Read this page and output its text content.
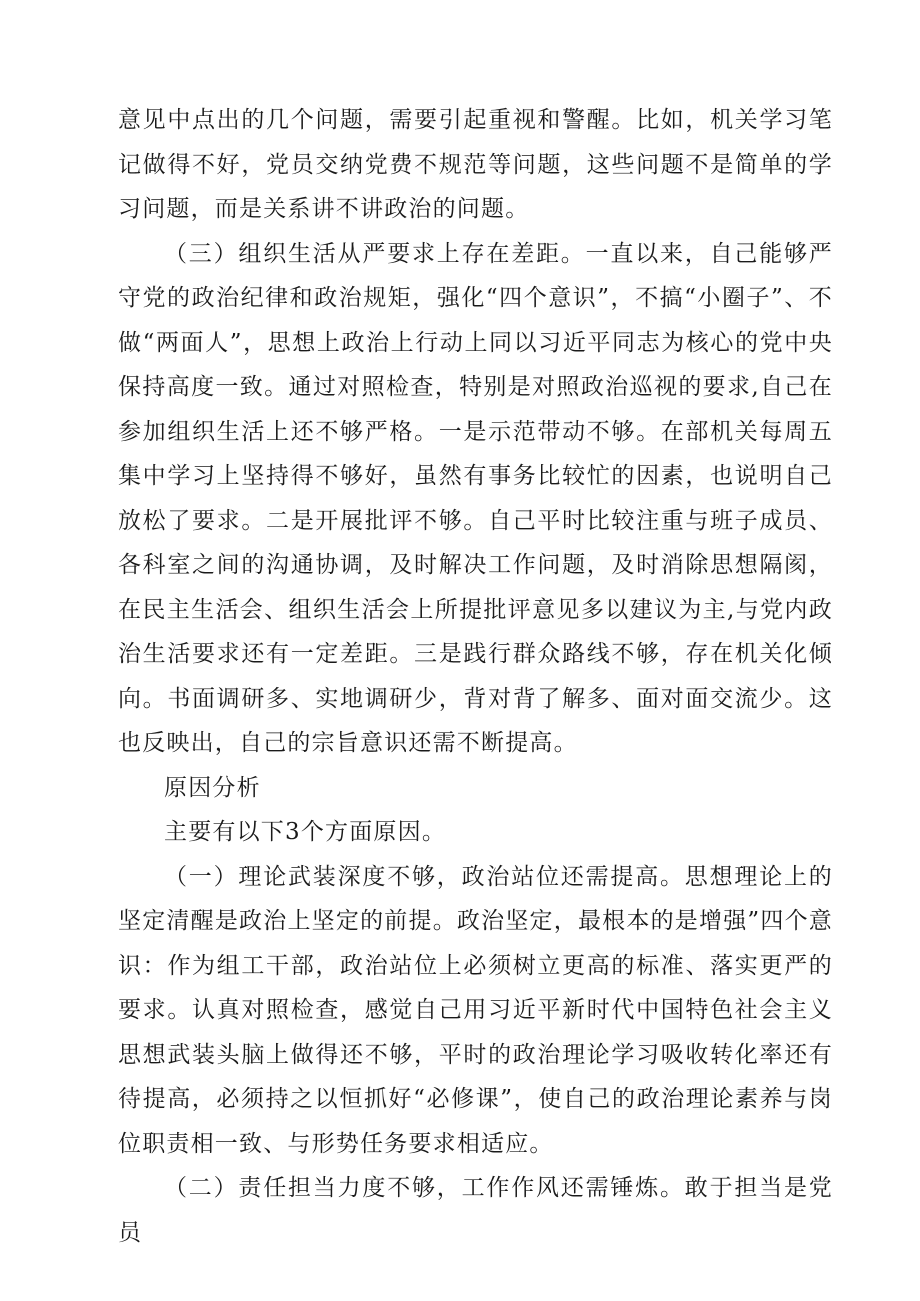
意见中点出的几个问题，需要引起重视和警醒。比如，机关学习笔记做得不好，党员交纳党费不规范等问题，这些问题不是简单的学习问题，而是关系讲不讲政治的问题。

（三）组织生活从严要求上存在差距。一直以来，自己能够严守党的政治纪律和政治规矩，强化“四个意识”，不搞“小圈子”、不做“两面人”，思想上政治上行动上同以习近平同志为核心的党中央保持高度一致。通过对照检查，特别是对照政治巡视的要求,自己在参加组织生活上还不够严格。一是示范带动不够。在部机关每周五集中学习上坚持得不够好，虽然有事务比较忙的因素，也说明自己放松了要求。二是开展批评不够。自己平时比较注重与班子成员、各科室之间的沟通协调，及时解决工作问题，及时消除思想隔阂，在民主生活会、组织生活会上所提批评意见多以建议为主,与党内政治生活要求还有一定差距。三是践行群众路线不够，存在机关化倾向。书面调研多、实地调研少，背对背了解多、面对面交流少。这也反映出，自己的宗旨意识还需不断提高。

原因分析

主要有以下3个方面原因。

（一）理论武装深度不够，政治站位还需提高。思想理论上的坚定清醒是政治上坚定的前提。政治坚定，最根本的是增强”四个意识：作为组工干部，政治站位上必须树立更高的标准、落实更严的要求。认真对照检查，感觉自己用习近平新时代中国特色社会主义思想武装头脑上做得还不够，平时的政治理论学习吸收转化率还有待提高，必须持之以恒抓好“必修课”，使自己的政治理论素养与岗位职责相一致、与形势任务要求相适应。

（二）责任担当力度不够，工作作风还需锤炼。敢于担当是党员
